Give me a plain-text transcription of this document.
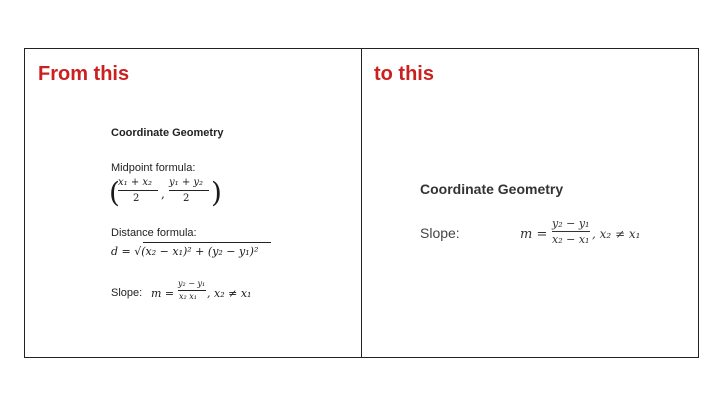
From this
Coordinate Geometry
Midpoint formula:
(
x₁ + x₂
2 ,
y₁ + y₂
2 )
Distance formula:
d = √(x₂ − x₁)² + (y₂ − y₁)²
Slope: m =
y₂ − y₁
x₂ x₁ , x₂ ≠ x₁
to this
Coordinate Geometry
Slope:	m =
y₂ − y₁
x₂ − x₁ , x₂ ≠ x₁
